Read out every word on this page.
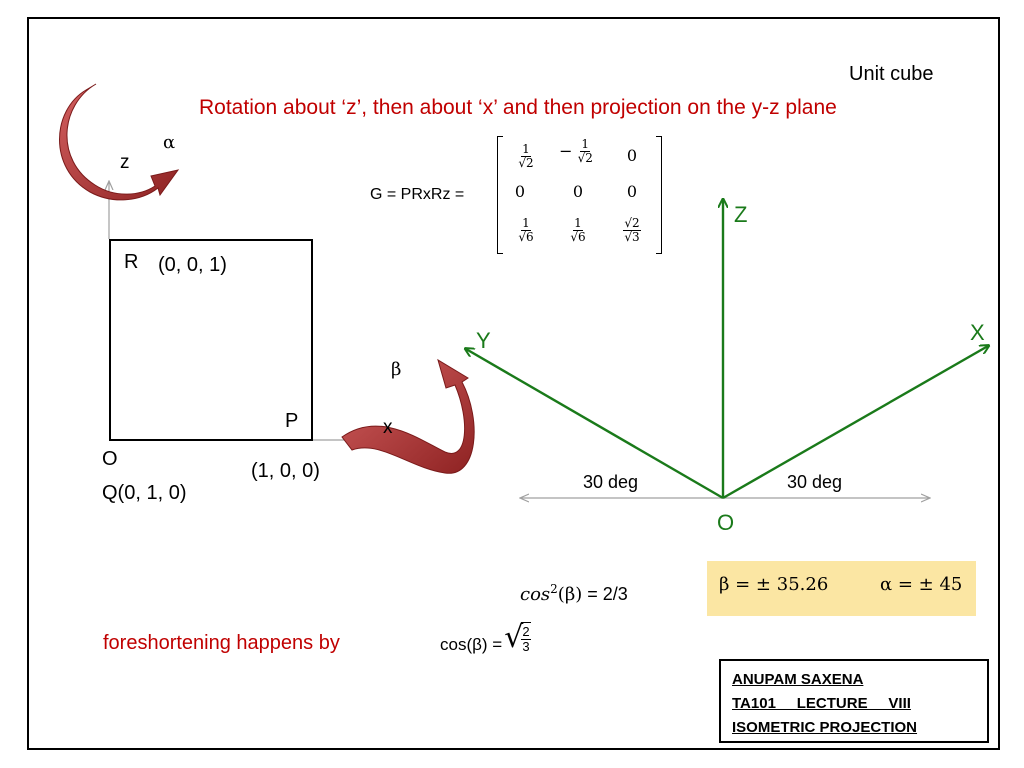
Unit cube
Rotation about ‘z’, then about ‘x’ and then projection on the y-z plane
z
α
R (0, 0, 1)
P	x
β
O
(1, 0, 0)
Q(0, 1, 0)
G = PRxRz =
$\frac{1}{√2}$	− $\frac{1}{√2}$	0
0	0	0
$\frac{1}{√6}$	$\frac{1}{√6}$	$\frac{√2}{√3}$
Z
Y	X
O
30 deg	30 deg
$\cos^2(\beta) = 2/3$
foreshortening happens by	cos(β) = √
$\frac{2}{3}$
β = ± 35.26	α = ± 45
ANUPAM SAXENA
TA101     LECTURE     VIII
ISOMETRIC PROJECTION
